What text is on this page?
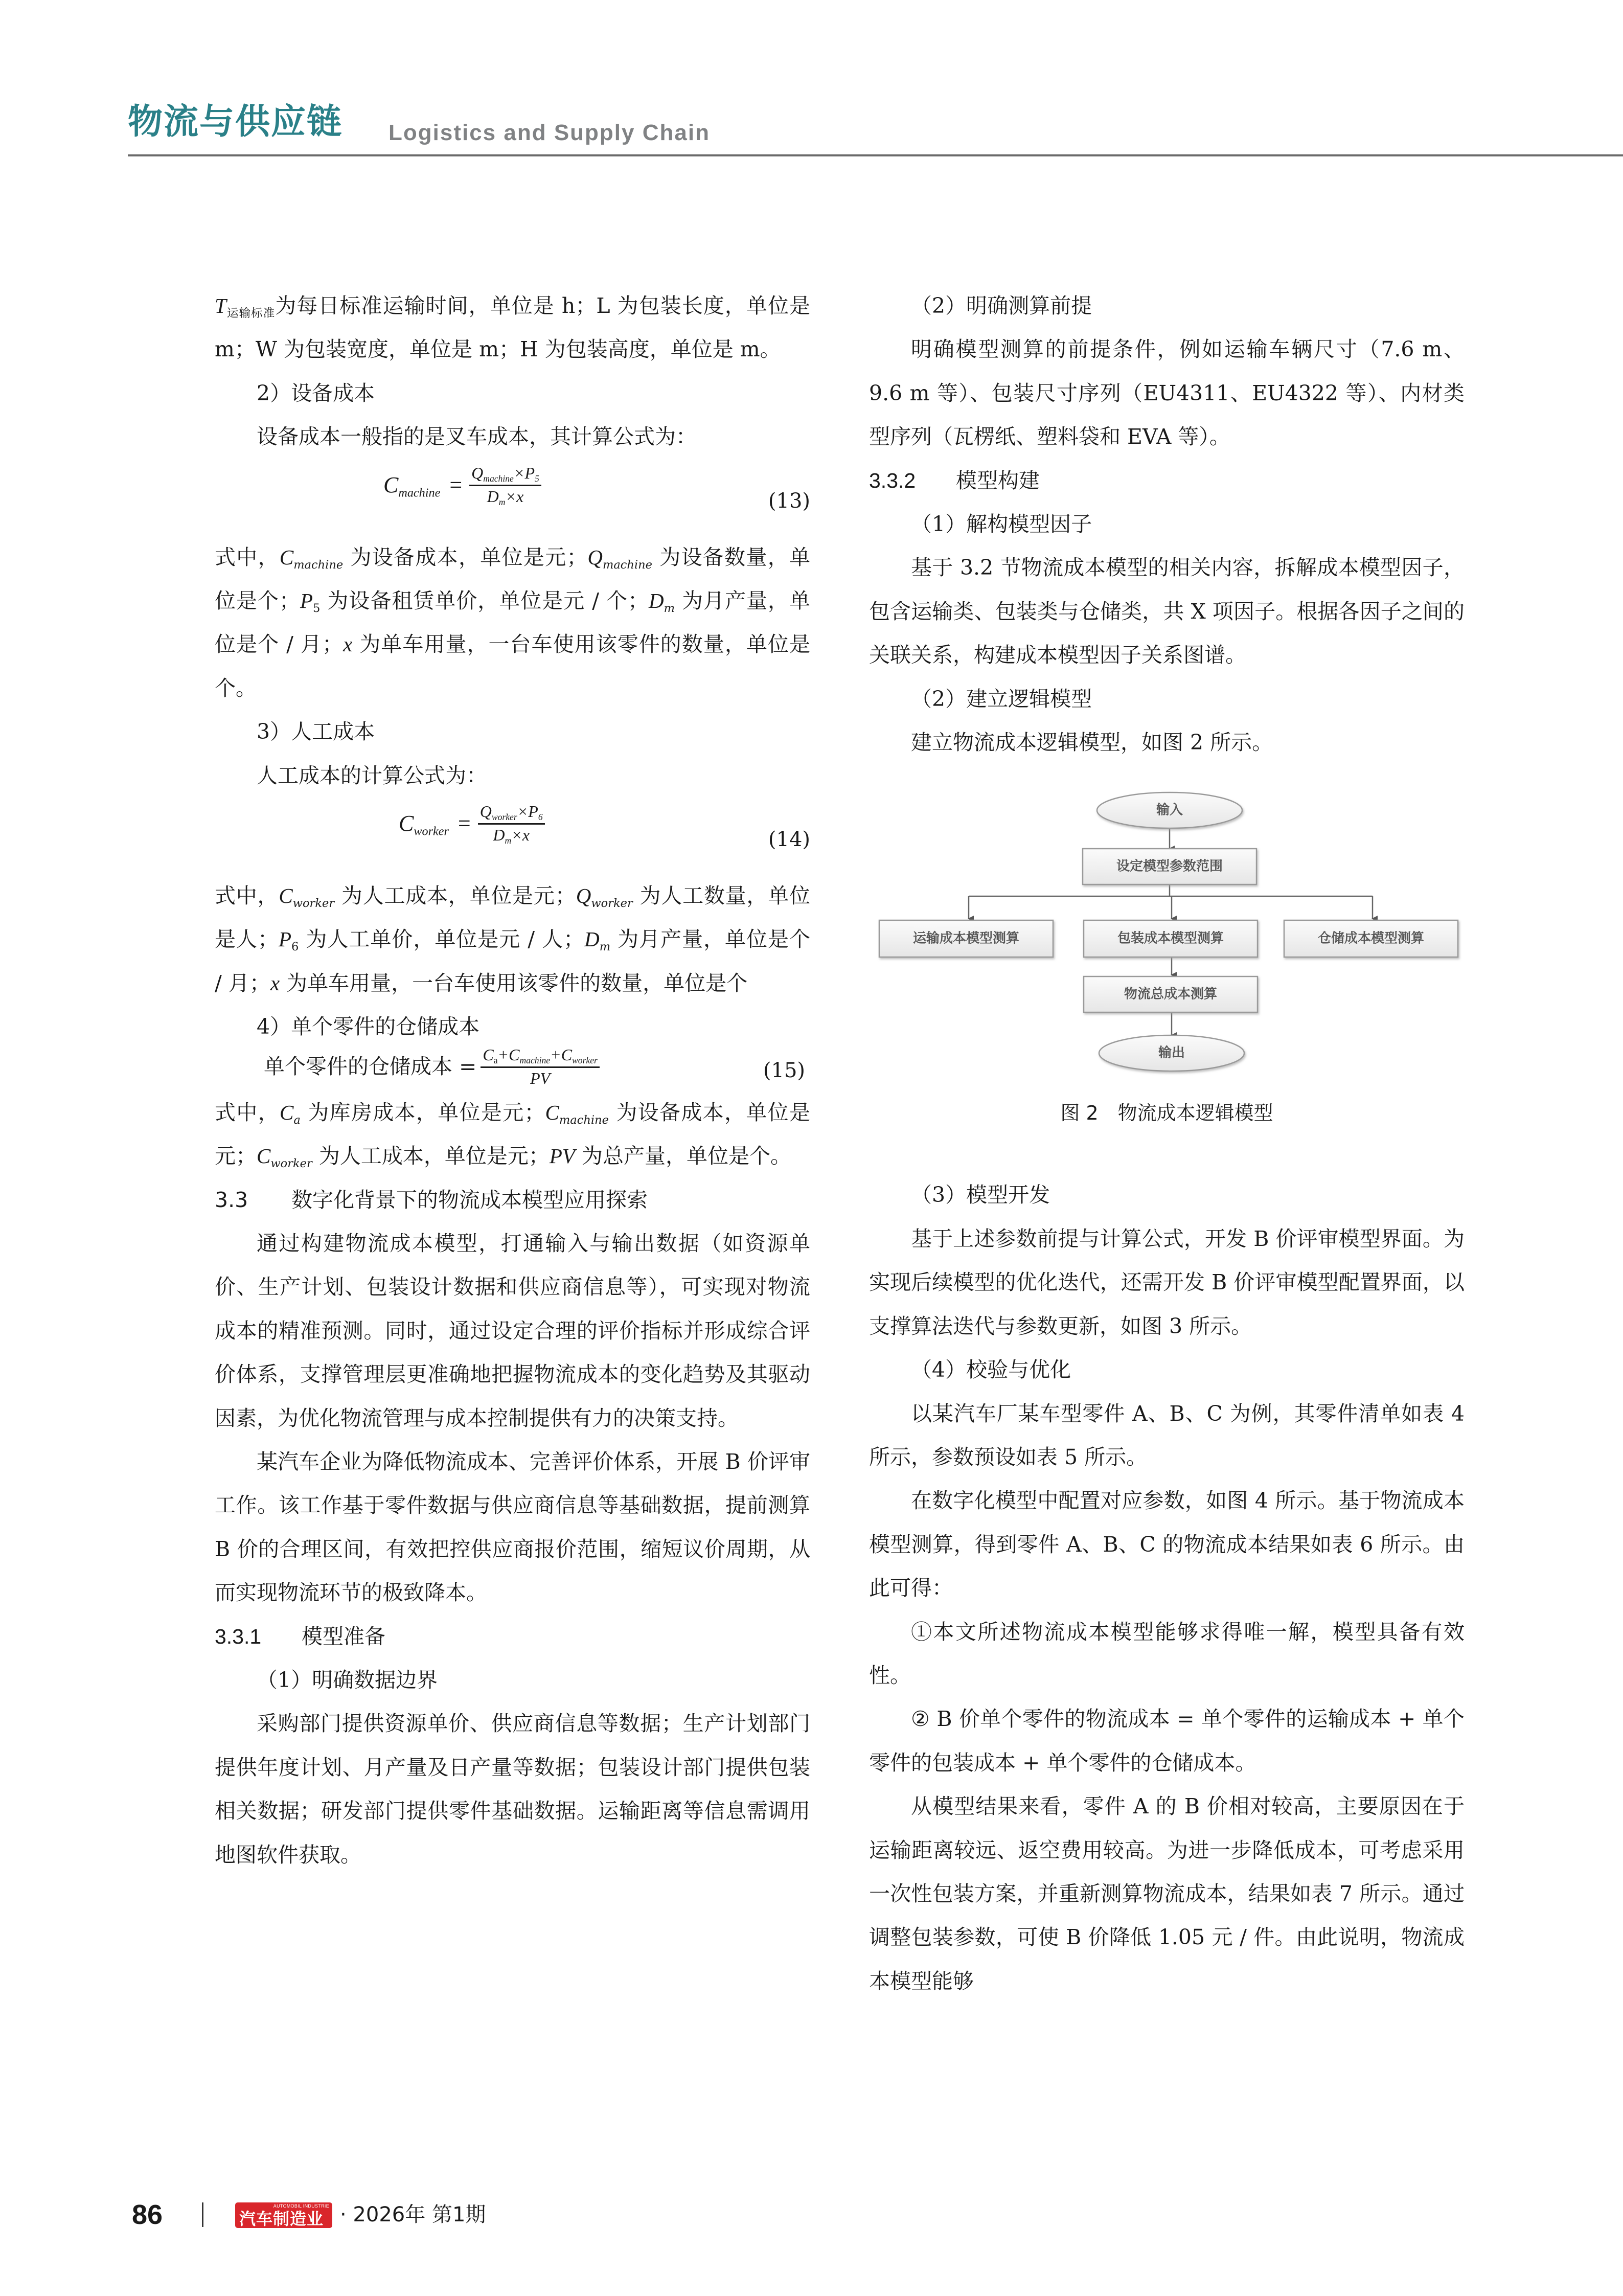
物流与供应链 Logistics and Supply Chain

$T_{运输标准}$为每日标准运输时间，单位是 h；L 为包装长度，单位是 m；W 为包装宽度，单位是 m；H 为包装高度，单位是 m。

2）设备成本

设备成本一般指的是叉车成本，其计算公式为：

$C_{machine} = \frac{Q_{machine}\times P_5}{D_m\times x}$	(13)

式中，$C_{machine}$ 为设备成本，单位是元；$Q_{machine}$ 为设备数量，单位是个；$P_5$ 为设备租赁单价，单位是元 / 个；$D_m$ 为月产量，单位是个 / 月；x 为单车用量，一台车使用该零件的数量，单位是个。

3）人工成本

人工成本的计算公式为：

$C_{worker} = \frac{Q_{worker}\times P_6}{D_m\times x}$	(14)

式中，$C_{worker}$ 为人工成本，单位是元；$Q_{worker}$ 为人工数量，单位是人；$P_6$ 为人工单价，单位是元 / 人；$D_m$ 为月产量，单位是个 / 月；x 为单车用量，一台车使用该零件的数量，单位是个

4）单个零件的仓储成本

单个零件的仓储成本 = $\frac{C_a+C_{machine}+C_{worker}}{PV}$	(15)

式中，$C_a$ 为库房成本，单位是元；$C_{machine}$ 为设备成本，单位是元；$C_{worker}$ 为人工成本，单位是元；PV 为总产量，单位是个。

3.3 数字化背景下的物流成本模型应用探索

通过构建物流成本模型，打通输入与输出数据（如资源单价、生产计划、包装设计数据和供应商信息等），可实现对物流成本的精准预测。同时，通过设定合理的评价指标并形成综合评价体系，支撑管理层更准确地把握物流成本的变化趋势及其驱动因素，为优化物流管理与成本控制提供有力的决策支持。

某汽车企业为降低物流成本、完善评价体系，开展 B 价评审工作。该工作基于零件数据与供应商信息等基础数据，提前测算 B 价的合理区间，有效把控供应商报价范围，缩短议价周期，从而实现物流环节的极致降本。

3.3.1 模型准备

（1）明确数据边界

采购部门提供资源单价、供应商信息等数据；生产计划部门提供年度计划、月产量及日产量等数据；包装设计部门提供包装相关数据；研发部门提供零件基础数据。运输距离等信息需调用地图软件获取。

（2）明确测算前提

明确模型测算的前提条件，例如运输车辆尺寸（7.6 m、9.6 m 等）、包装尺寸序列（EU4311、EU4322 等）、内材类型序列（瓦楞纸、塑料袋和 EVA 等）。

3.3.2 模型构建

（1）解构模型因子

基于 3.2 节物流成本模型的相关内容，拆解成本模型因子，包含运输类、包装类与仓储类，共 X 项因子。根据各因子之间的关联关系，构建成本模型因子关系图谱。

（2）建立逻辑模型

建立物流成本逻辑模型，如图 2 所示。

输入
设定模型参数范围
运输成本模型测算	包装成本模型测算	仓储成本模型测算
物流总成本测算
输出
图 2　物流成本逻辑模型

（3）模型开发

基于上述参数前提与计算公式，开发 B 价评审模型界面。为实现后续模型的优化迭代，还需开发 B 价评审模型配置界面，以支撑算法迭代与参数更新，如图 3 所示。

（4）校验与优化

以某汽车厂某车型零件 A、B、C 为例，其零件清单如表 4 所示，参数预设如表 5 所示。

在数字化模型中配置对应参数，如图 4 所示。基于物流成本模型测算，得到零件 A、B、C 的物流成本结果如表 6 所示。由此可得：

①本文所述物流成本模型能够求得唯一解，模型具备有效性。

② B 价单个零件的物流成本 = 单个零件的运输成本 + 单个零件的包装成本 + 单个零件的仓储成本。

从模型结果来看，零件 A 的 B 价相对较高，主要原因在于运输距离较远、返空费用较高。为进一步降低成本，可考虑采用一次性包装方案，并重新测算物流成本，结果如表 7 所示。通过调整包装参数，可使 B 价降低 1.05 元 / 件。由此说明，物流成本模型能够

86	AUTOMOBIL INDUSTRIE
汽车制造业 · 2026年 第1期
